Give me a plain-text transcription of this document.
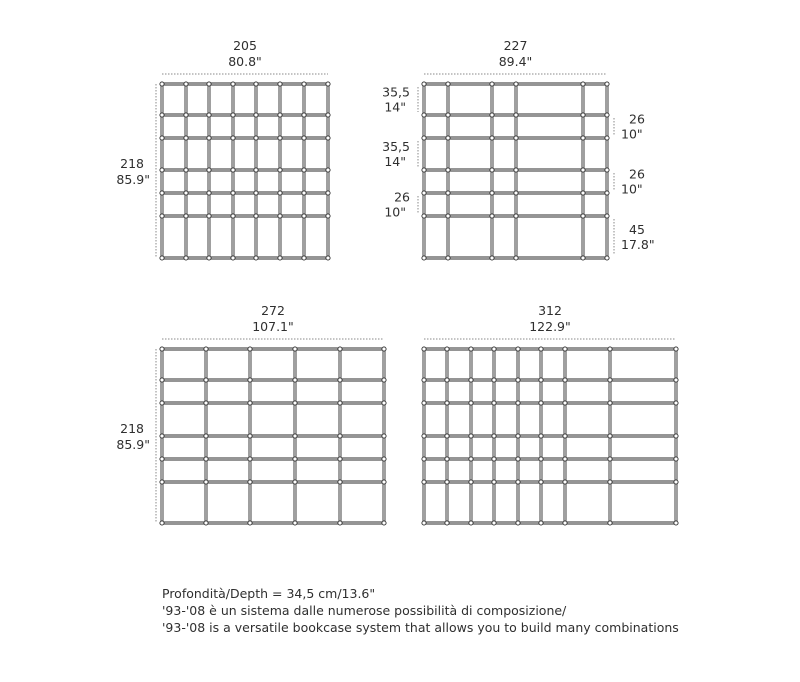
205
80.8"
218
85.9"
227
89.4"
35,5
14"
35,5
14"
26
10"
26
10"
26
10"
45
17.8"
272
107.1"
218
85.9"
312
122.9"
Profondità/Depth = 34,5 cm/13.6"
'93-'08 è un sistema dalle numerose possibilità di composizione/
'93-'08 is a versatile bookcase system that allows you to build many combinations
